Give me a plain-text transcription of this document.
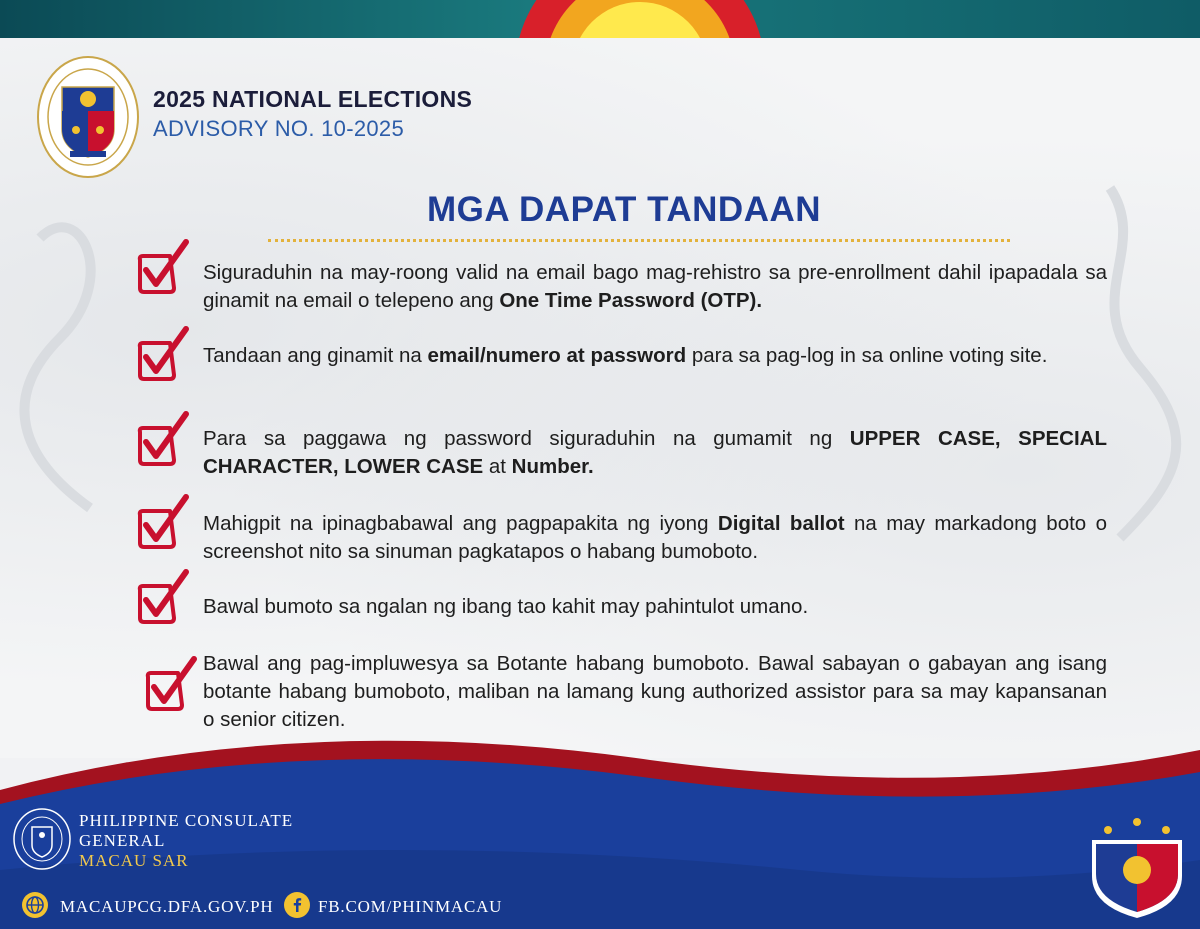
2025 NATIONAL ELECTIONS
ADVISORY NO. 10-2025
MGA DAPAT TANDAAN
Siguraduhin na may-roong valid na email bago mag-rehistro sa pre-enrollment dahil ipapadala sa ginamit na email o telepeno ang One Time Password (OTP).
Tandaan ang ginamit na email/numero at password para sa pag-log in sa online voting site.
Para sa paggawa ng password siguraduhin na gumamit ng UPPER CASE, SPECIAL CHARACTER, LOWER CASE at Number.
Mahigpit na ipinagbabawal ang pagpapakita ng iyong Digital ballot na may markadong boto o screenshot nito sa sinuman pagkatapos o habang bumoboto.
Bawal bumoto sa ngalan ng ibang tao kahit may pahintulot umano.
Bawal ang pag-impluwesya sa Botante habang bumoboto. Bawal sabayan o gabayan ang isang botante habang bumoboto, maliban na lamang kung authorized assistor para sa may kapansanan o senior citizen.
PHILIPPINE CONSULATE
GENERAL
MACAU SAR
MACAUPCG.DFA.GOV.PH	FB.COM/PHINMACAU
